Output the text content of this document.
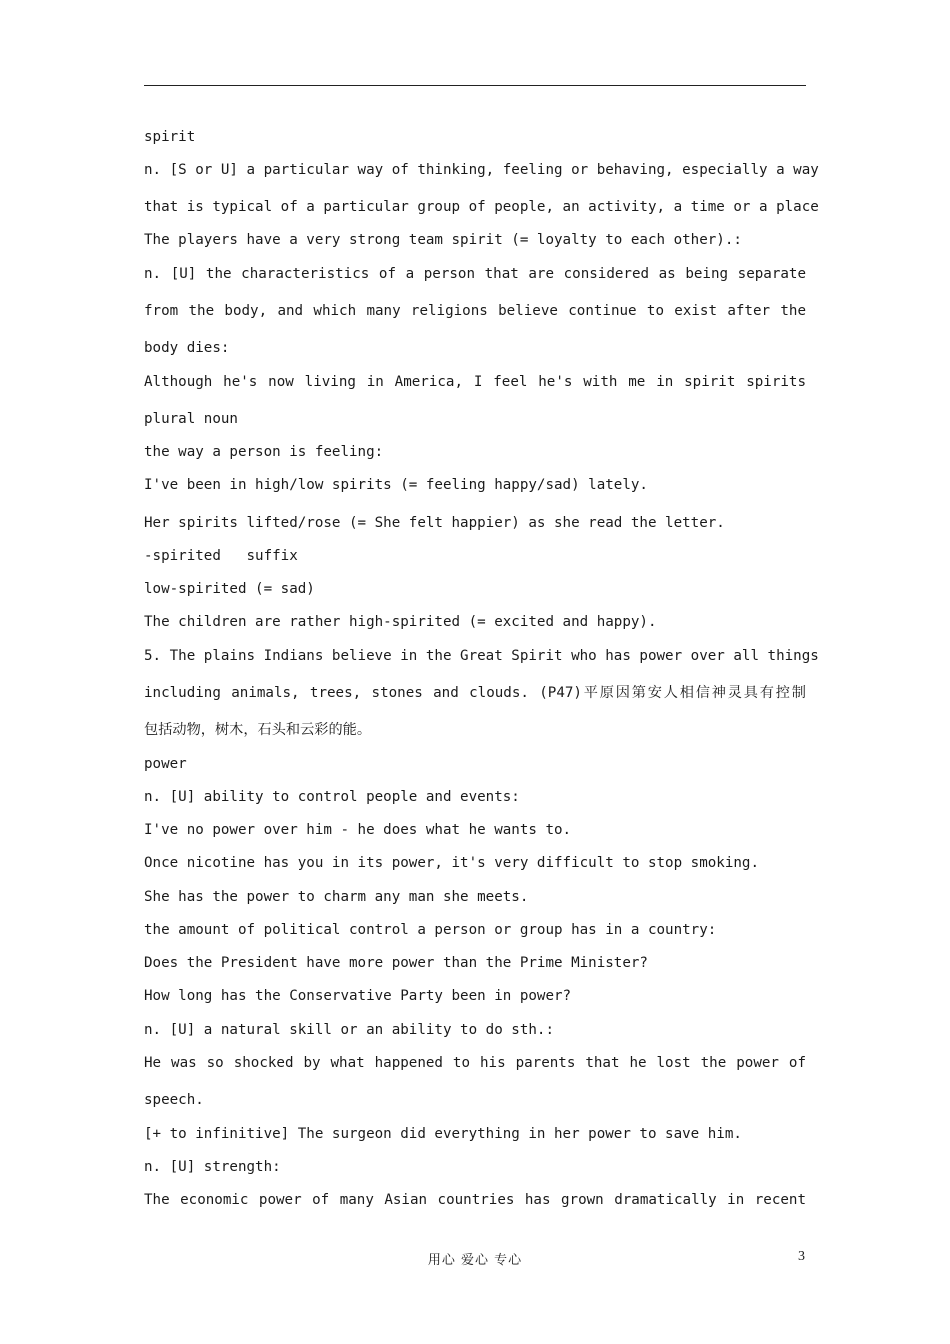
spirit
n. [S or U] a particular way of thinking, feeling or behaving, especially a way
that is typical of a particular group of people, an activity, a time or a place
The players have a very strong team spirit (= loyalty to each other).:
n. [U] the characteristics of a person that are considered as being separate
from the body, and which many religions believe continue to exist after the
body dies:
Although he's now living in America, I feel he's with me in spirit spirits
plural noun
the way a person is feeling:
I've been in high/low spirits (= feeling happy/sad) lately.
Her spirits lifted/rose (= She felt happier) as she read the letter.
-spirited   suffix
low-spirited (= sad)
The children are rather high-spirited (= excited and happy).
5. The plains Indians believe in the Great Spirit who has power over all things
including animals, trees, stones and clouds. (P47)平原因第安人相信神灵具有控制
包括动物，树木，石头和云彩的能。
power
n. [U] ability to control people and events:
I've no power over him - he does what he wants to.
Once nicotine has you in its power, it's very difficult to stop smoking.
She has the power to charm any man she meets.
the amount of political control a person or group has in a country:
Does the President have more power than the Prime Minister?
How long has the Conservative Party been in power?
n. [U] a natural skill or an ability to do sth.:
He was so shocked by what happened to his parents that he lost the power of
speech.
[+ to infinitive] The surgeon did everything in her power to save him.
n. [U] strength:
The economic power of many Asian countries has grown dramatically in recent
用心 爱心 专心	3
